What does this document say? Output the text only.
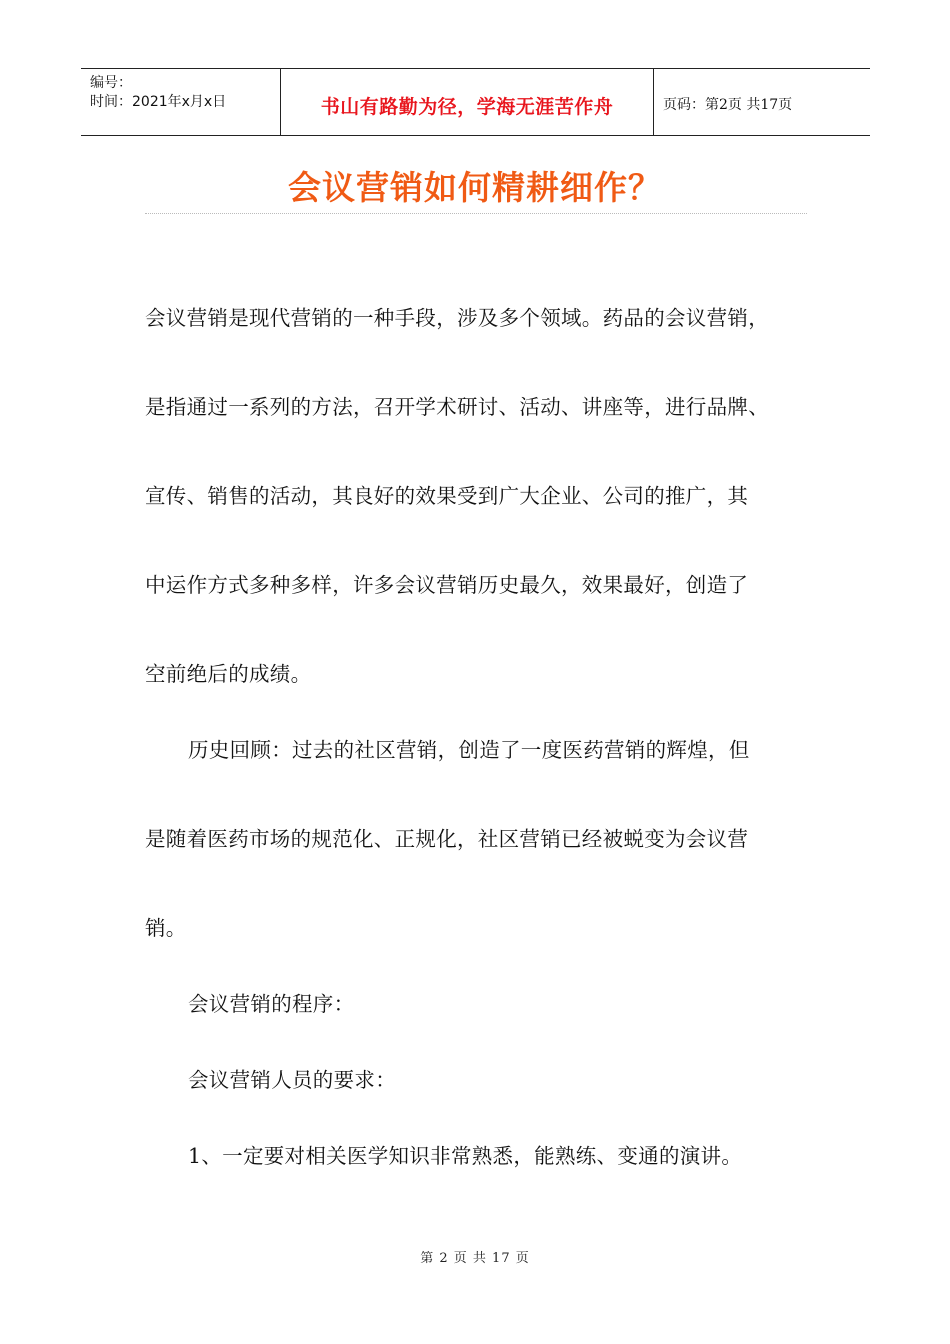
编号：
时间：2021年x月x日	书山有路勤为径，学海无涯苦作舟	页码：第2页 共17页
会议营销如何精耕细作？
会议营销是现代营销的一种手段，涉及多个领域。药品的会议营销，
是指通过一系列的方法，召开学术研讨、活动、讲座等，进行品牌、
宣传、销售的活动，其良好的效果受到广大企业、公司的推广，其
中运作方式多种多样，许多会议营销历史最久，效果最好，创造了
空前绝后的成绩。
历史回顾：过去的社区营销，创造了一度医药营销的辉煌，但
是随着医药市场的规范化、正规化，社区营销已经被蜕变为会议营
销。
会议营销的程序：
会议营销人员的要求：
1、一定要对相关医学知识非常熟悉，能熟练、变通的演讲。
第 2 页 共 17 页
